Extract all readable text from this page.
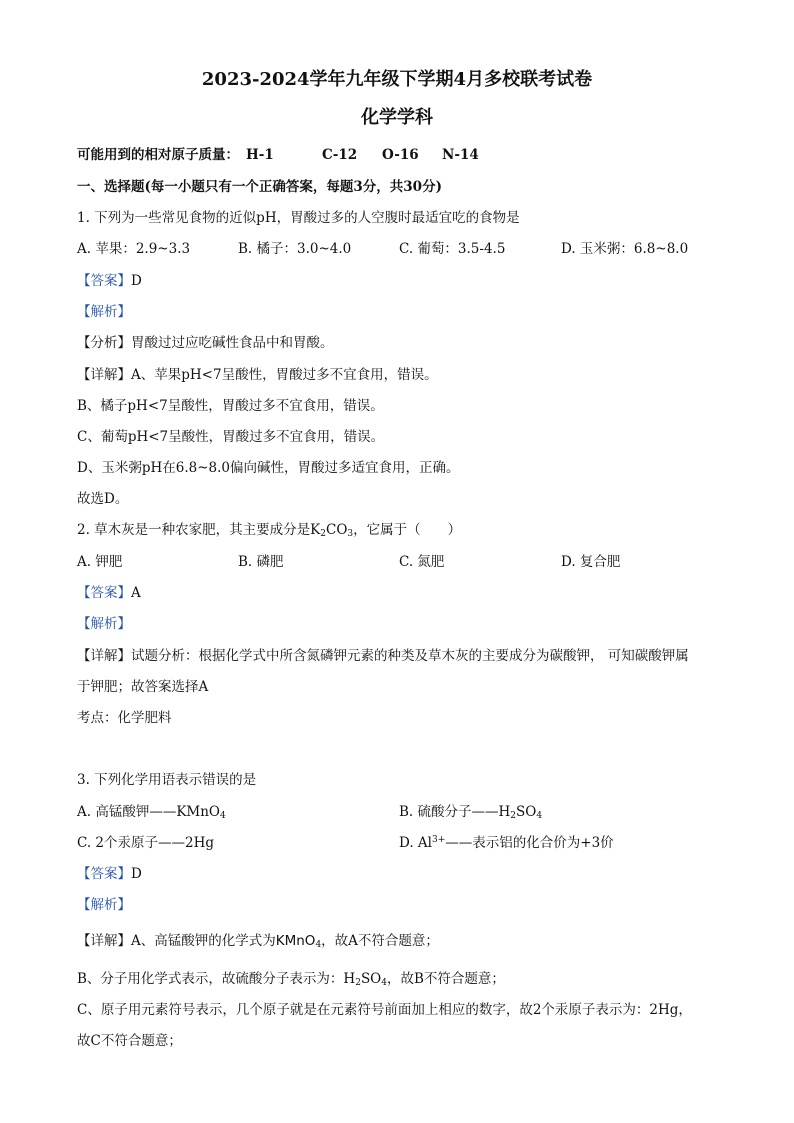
2023-2024学年九年级下学期4月多校联考试卷
化学学科
可能用到的相对原子质量： H-1	C-12 O-16 N-14
一、选择题(每一小题只有一个正确答案，每题3分，共30分)
1. 下列为一些常见食物的近似pH，胃酸过多的人空腹时最适宜吃的食物是
A. 苹果：2.9~3.3	B. 橘子：3.0~4.0	C. 葡萄：3.5-4.5	D. 玉米粥：6.8~8.0
【答案】D
【解析】
【分析】胃酸过过应吃碱性食品中和胃酸。
【详解】A、苹果pH<7呈酸性，胃酸过多不宜食用，错误。
B、橘子pH<7呈酸性，胃酸过多不宜食用，错误。
C、葡萄pH<7呈酸性，胃酸过多不宜食用，错误。
D、玉米粥pH在6.8~8.0偏向碱性，胃酸过多适宜食用，正确。
故选D。
2. 草木灰是一种农家肥，其主要成分是$K_2CO_3$，它属于（　　）
A. 钾肥	B. 磷肥	C. 氮肥	D. 复合肥
【答案】A
【解析】
【详解】试题分析：根据化学式中所含氮磷钾元素的种类及草木灰的主要成分为碳酸钾， 可知碳酸钾属
于钾肥；故答案选择A
考点：化学肥料
3. 下列化学用语表示错误的是
A. 高锰酸钾——KMnO$_4$	B. 硫酸分子$——H_2SO_4$
C. 2个汞原子——2Hg	D. $Al^{3+}——$表示铝的化合价为+3价
【答案】D
【解析】
【详解】A、高锰酸钾的化学式为KMnO$_4$，故A不符合题意；
B、分子用化学式表示，故硫酸分子表示为：$H_2SO_4$，故B不符合题意；
C、原子用元素符号表示，几个原子就是在元素符号前面加上相应的数字，故2个汞原子表示为：2Hg，
故C不符合题意；
